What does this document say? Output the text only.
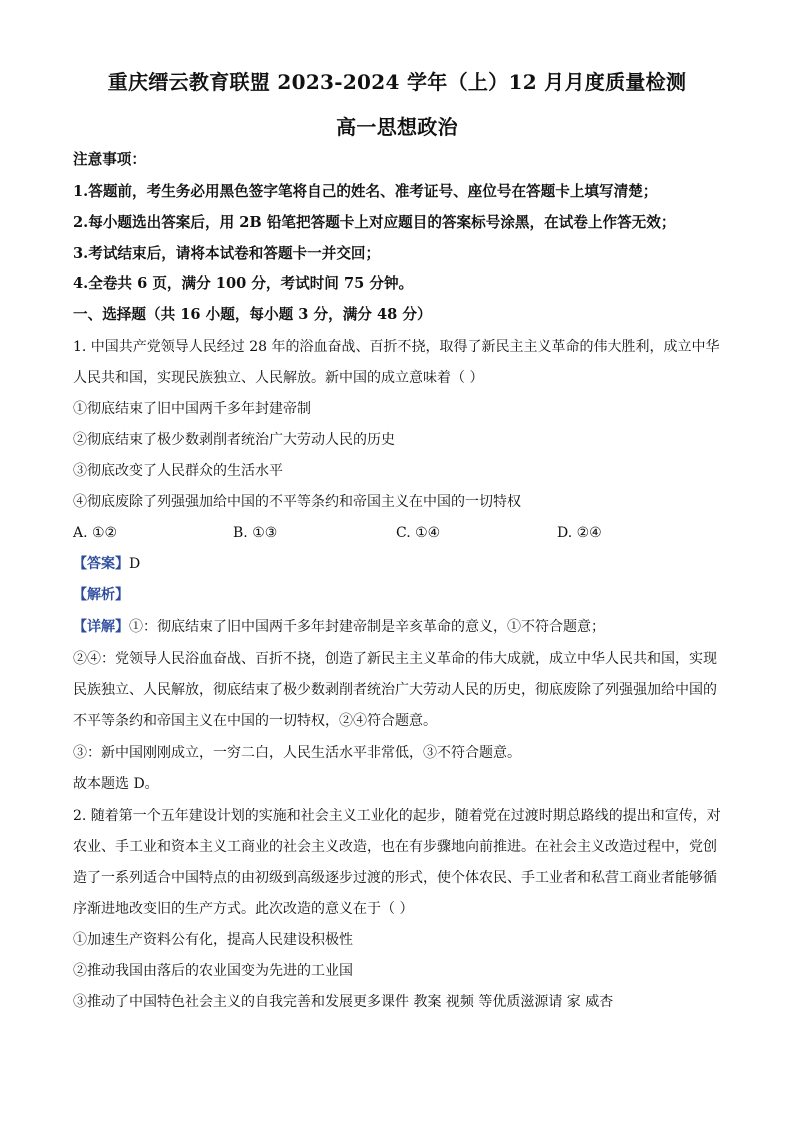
重庆缙云教育联盟 2023-2024 学年（上）12 月月度质量检测
高一思想政治
注意事项：
1.答题前，考生务必用黑色签字笔将自己的姓名、准考证号、座位号在答题卡上填写清楚；
2.每小题选出答案后，用 2B 铅笔把答题卡上对应题目的答案标号涂黑，在试卷上作答无效；
3.考试结束后，请将本试卷和答题卡一并交回；
4.全卷共 6 页，满分 100 分，考试时间 75 分钟。
一、选择题（共 16 小题，每小题 3 分，满分 48 分）
1. 中国共产党领导人民经过 28 年的浴血奋战、百折不挠，取得了新民主主义革命的伟大胜利，成立中华
人民共和国，实现民族独立、人民解放。新中国的成立意味着（ ）
①彻底结束了旧中国两千多年封建帝制
②彻底结束了极少数剥削者统治广大劳动人民的历史
③彻底改变了人民群众的生活水平
④彻底废除了列强强加给中国的不平等条约和帝国主义在中国的一切特权
A. ①②	B. ①③	C. ①④	D. ②④
【答案】D
【解析】
【详解】①：彻底结束了旧中国两千多年封建帝制是辛亥革命的意义，①不符合题意；
②④：党领导人民浴血奋战、百折不挠，创造了新民主主义革命的伟大成就，成立中华人民共和国，实现
民族独立、人民解放，彻底结束了极少数剥削者统治广大劳动人民的历史，彻底废除了列强强加给中国的
不平等条约和帝国主义在中国的一切特权，②④符合题意。
③：新中国刚刚成立，一穷二白，人民生活水平非常低，③不符合题意。
故本题选 D。
2. 随着第一个五年建设计划的实施和社会主义工业化的起步，随着党在过渡时期总路线的提出和宣传，对
农业、手工业和资本主义工商业的社会主义改造，也在有步骤地向前推进。在社会主义改造过程中，党创
造了一系列适合中国特点的由初级到高级逐步过渡的形式，使个体农民、手工业者和私营工商业者能够循
序渐进地改变旧的生产方式。此次改造的意义在于（ ）
①加速生产资料公有化，提高人民建设积极性
②推动我国由落后的农业国变为先进的工业国
③推动了中国特色社会主义的自我完善和发展更多课件 教案 视频 等优质滋源请 家 威杏
